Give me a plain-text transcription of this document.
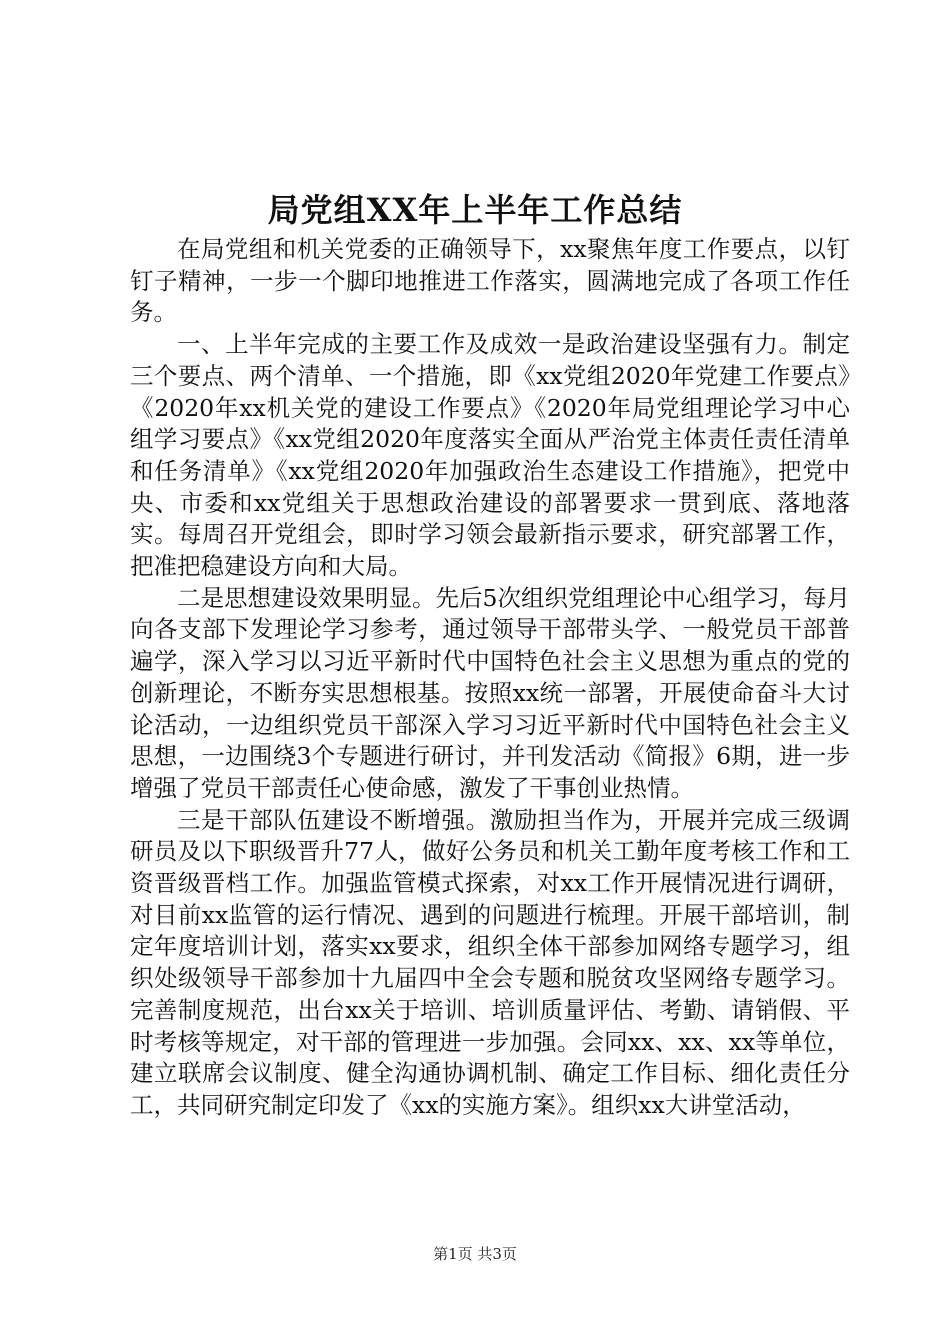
局党组XX年上半年工作总结

在局党组和机关党委的正确领导下，xx聚焦年度工作要点，以钉钉子精神，一步一个脚印地推进工作落实，圆满地完成了各项工作任务。

一、上半年完成的主要工作及成效一是政治建设坚强有力。制定三个要点、两个清单、一个措施，即《xx党组2020年党建工作要点》《2020年xx机关党的建设工作要点》《2020年局党组理论学习中心组学习要点》《xx党组2020年度落实全面从严治党主体责任责任清单和任务清单》《xx党组2020年加强政治生态建设工作措施》，把党中央、市委和xx党组关于思想政治建设的部署要求一贯到底、落地落实。每周召开党组会，即时学习领会最新指示要求，研究部署工作，把准把稳建设方向和大局。

二是思想建设效果明显。先后5次组织党组理论中心组学习，每月向各支部下发理论学习参考，通过领导干部带头学、一般党员干部普遍学，深入学习以习近平新时代中国特色社会主义思想为重点的党的创新理论，不断夯实思想根基。按照xx统一部署，开展使命奋斗大讨论活动，一边组织党员干部深入学习习近平新时代中国特色社会主义思想，一边围绕3个专题进行研讨，并刊发活动《简报》6期，进一步增强了党员干部责任心使命感，激发了干事创业热情。

三是干部队伍建设不断增强。激励担当作为，开展并完成三级调研员及以下职级晋升77人，做好公务员和机关工勤年度考核工作和工资晋级晋档工作。加强监管模式探索，对xx工作开展情况进行调研，对目前xx监管的运行情况、遇到的问题进行梳理。开展干部培训，制定年度培训计划，落实xx要求，组织全体干部参加网络专题学习，组织处级领导干部参加十九届四中全会专题和脱贫攻坚网络专题学习。完善制度规范，出台xx关于培训、培训质量评估、考勤、请销假、平时考核等规定，对干部的管理进一步加强。会同xx、xx、xx等单位，建立联席会议制度、健全沟通协调机制、确定工作目标、细化责任分工，共同研究制定印发了《xx的实施方案》。组织xx大讲堂活动，

第1页 共3页
